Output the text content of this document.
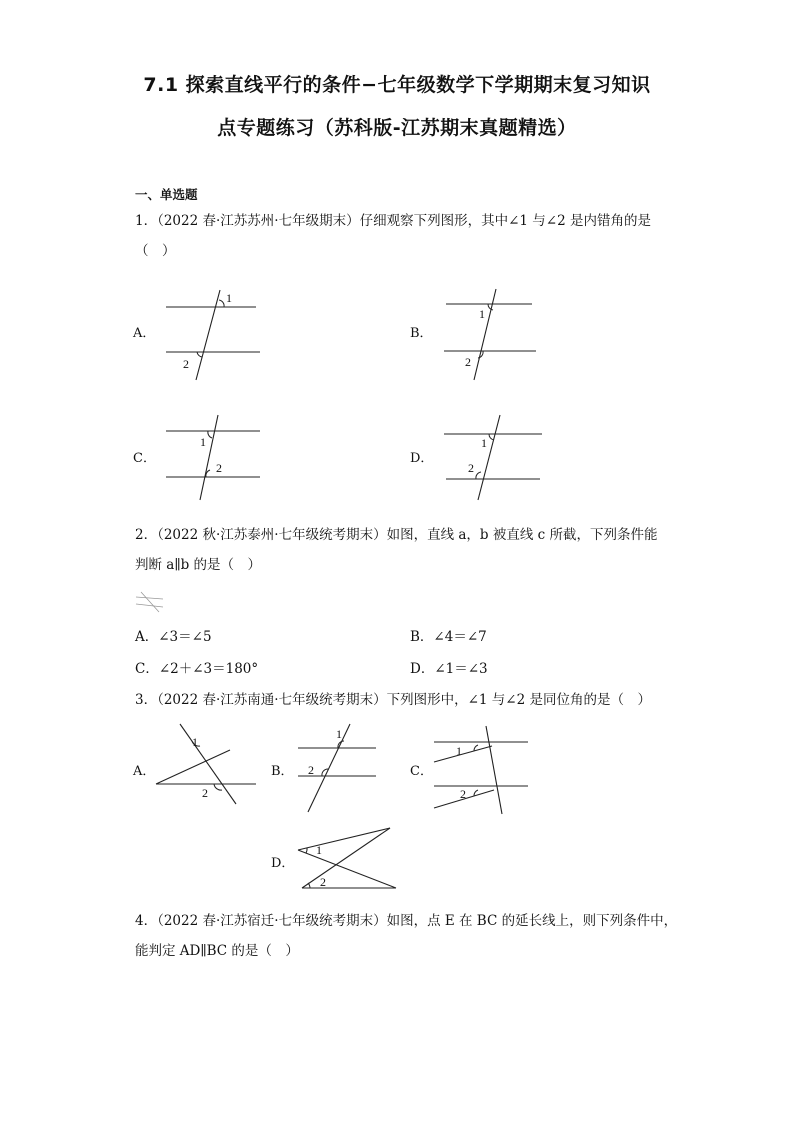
7.1 探索直线平行的条件−七年级数学下学期期末复习知识
点专题练习（苏科版-江苏期末真题精选）
一、单选题
1．（2022 春·江苏苏州·七年级期末）仔细观察下列图形，其中∠1 与∠2 是内错角的是
（　）
A．
1
2
B．
1
2
C．
1
2
D．
1
2
2．（2022 秋·江苏泰州·七年级统考期末）如图，直线 a，b 被直线 c 所截，下列条件能
判断 a∥b 的是（　）
A．∠3＝∠5	B．∠4＝∠7
C．∠2＋∠3＝180°	D．∠1＝∠3
3．（2022 春·江苏南通·七年级统考期末）下列图形中，∠1 与∠2 是同位角的是（　）
A．
1
2
B．
1
2	C．
1
2
D．
1
2
4．（2022 春·江苏宿迁·七年级统考期末）如图，点 E 在 BC 的延长线上，则下列条件中，
能判定 AD∥BC 的是（　）
